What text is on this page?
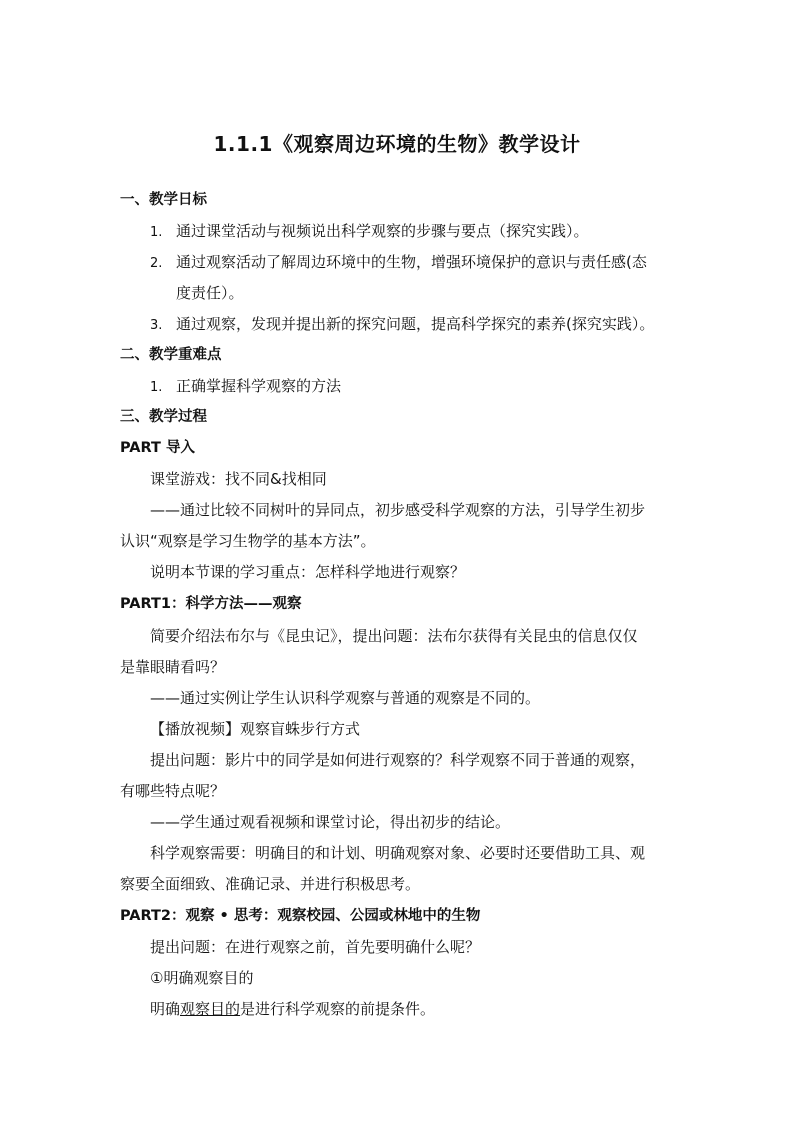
1.1.1《观察周边环境的生物》教学设计
一、教学日标
1. 通过课堂活动与视频说出科学观察的步骤与要点（探究实践）。
2. 通过观察活动了解周边环境中的生物，增强环境保护的意识与责任感(态
度责任）。
3. 通过观察，发现并提出新的探究问题，提高科学探究的素养(探究实践）。
二、教学重难点
1. 正确掌握科学观察的方法
三、教学过程
PART 导入
课堂游戏：找不同&找相同
——通过比较不同树叶的异同点，初步感受科学观察的方法，引导学生初步
认识“观察是学习生物学的基本方法”。
说明本节课的学习重点：怎样科学地进行观察？
PART1：科学方法——观察
简要介绍法布尔与《昆虫记》，提出问题：法布尔获得有关昆虫的信息仅仅
是靠眼睛看吗？
——通过实例让学生认识科学观察与普通的观察是不同的。
【播放视频】观察盲蛛步行方式
提出问题：影片中的同学是如何进行观察的？科学观察不同于普通的观察，
有哪些特点呢？
——学生通过观看视频和课堂讨论，得出初步的结论。
科学观察需要：明确目的和计划、明确观察对象、必要时还要借助工具、观
察要全面细致、准确记录、并进行积极思考。
PART2：观察 • 思考：观察校园、公园或林地中的生物
提出问题：在进行观察之前，首先要明确什么呢？
①明确观察目的
明确观察目的是进行科学观察的前提条件。
